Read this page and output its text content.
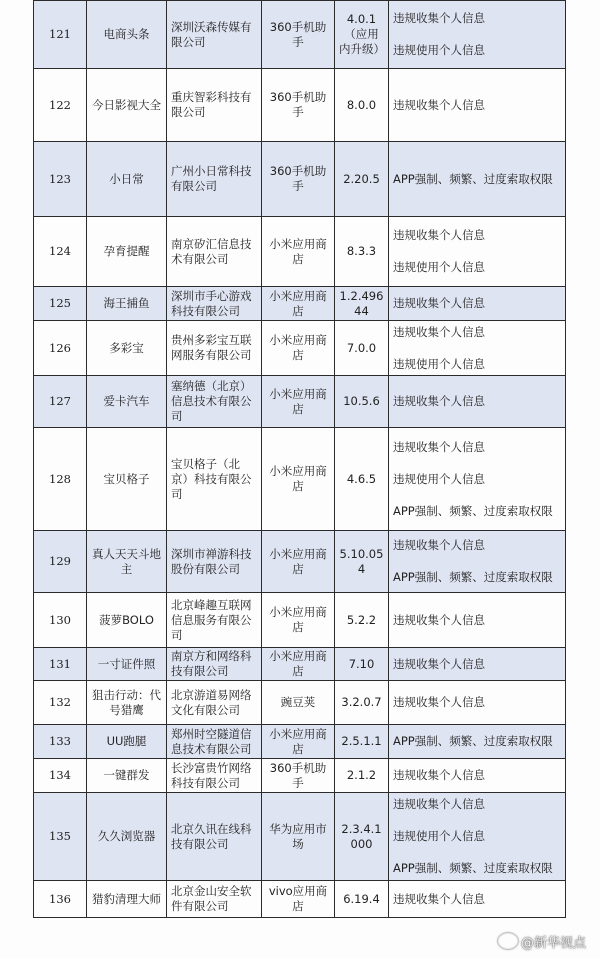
121	电商头条	深圳沃森传媒有限公司	360手机助手	4.0.1（应用内升级）	违规收集个人信息
违规使用个人信息

122	今日影视大全	重庆智彩科技有限公司	360手机助手	8.0.0	违规收集个人信息

123	小日常	广州小日常科技有限公司	360手机助手	2.20.5	APP强制、频繁、过度索取权限

124	孕育提醒	南京矽汇信息技术有限公司	小米应用商店	8.3.3	违规收集个人信息
违规使用个人信息

125	海王捕鱼	深圳市手心游戏科技有限公司	小米应用商店	1.2.49644	违规收集个人信息

126	多彩宝	贵州多彩宝互联网服务有限公司	小米应用商店	7.0.0	违规收集个人信息
违规使用个人信息

127	爱卡汽车	塞纳德（北京）信息技术有限公司	小米应用商店	10.5.6	违规收集个人信息

128	宝贝格子	宝贝格子（北京）科技有限公司	小米应用商店	4.6.5	违规收集个人信息
违规使用个人信息
APP强制、频繁、过度索取权限

129	真人天天斗地主	深圳市禅游科技股份有限公司	小米应用商店	5.10.054	违规收集个人信息
APP强制、频繁、过度索取权限

130	菠萝BOLO	北京峰趣互联网信息服务有限公司	小米应用商店	5.2.2	违规收集个人信息

131	一寸证件照	南京方和网络科技有限公司	小米应用商店	7.10	违规收集个人信息

132	狙击行动：代号猎鹰	北京游道易网络文化有限公司	豌豆荚	3.2.0.7	违规收集个人信息

133	UU跑腿	郑州时空隧道信息技术有限公司	小米应用商店	2.5.1.1	APP强制、频繁、过度索取权限

134	一键群发	长沙富贵竹网络科技有限公司	360手机助手	2.1.2	违规收集个人信息

135	久久浏览器	北京久讯在线科技有限公司	华为应用市场	2.3.4.1000	违规收集个人信息
违规使用个人信息
APP强制、频繁、过度索取权限

136	猎豹清理大师	北京金山安全软件有限公司	vivo应用商店	6.19.4	违规收集个人信息
@新华视点
